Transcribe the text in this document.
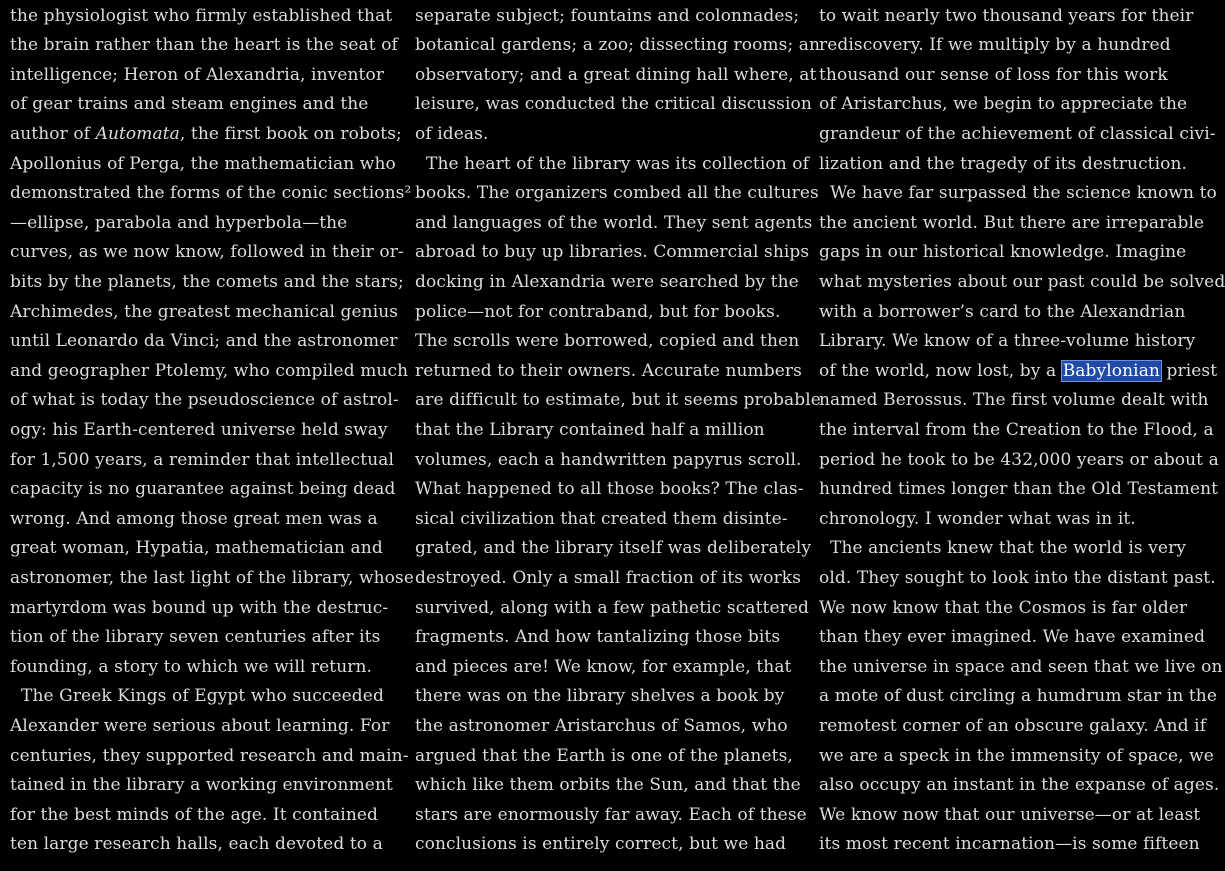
the physiologist who firmly established that
the brain rather than the heart is the seat of
intelligence; Heron of Alexandria, inventor
of gear trains and steam engines and the
author of Automata, the first book on robots;
Apollonius of Perga, the mathematician who
demonstrated the forms of the conic sections²
—ellipse, parabola and hyperbola—the
curves, as we now know, followed in their or-
bits by the planets, the comets and the stars;
Archimedes, the greatest mechanical genius
until Leonardo da Vinci; and the astronomer
and geographer Ptolemy, who compiled much
of what is today the pseudoscience of astrol-
ogy: his Earth-centered universe held sway
for 1,500 years, a reminder that intellectual
capacity is no guarantee against being dead
wrong. And among those great men was a
great woman, Hypatia, mathematician and
astronomer, the last light of the library, whose
martyrdom was bound up with the destruc-
tion of the library seven centuries after its
founding, a story to which we will return.
The Greek Kings of Egypt who succeeded
Alexander were serious about learning. For
centuries, they supported research and main-
tained in the library a working environment
for the best minds of the age. It contained
ten large research halls, each devoted to a
separate subject; fountains and colonnades;
botanical gardens; a zoo; dissecting rooms; an
observatory; and a great dining hall where, at
leisure, was conducted the critical discussion
of ideas.
The heart of the library was its collection of
books. The organizers combed all the cultures
and languages of the world. They sent agents
abroad to buy up libraries. Commercial ships
docking in Alexandria were searched by the
police—not for contraband, but for books.
The scrolls were borrowed, copied and then
returned to their owners. Accurate numbers
are difficult to estimate, but it seems probable
that the Library contained half a million
volumes, each a handwritten papyrus scroll.
What happened to all those books? The clas-
sical civilization that created them disinte-
grated, and the library itself was deliberately
destroyed. Only a small fraction of its works
survived, along with a few pathetic scattered
fragments. And how tantalizing those bits
and pieces are! We know, for example, that
there was on the library shelves a book by
the astronomer Aristarchus of Samos, who
argued that the Earth is one of the planets,
which like them orbits the Sun, and that the
stars are enormously far away. Each of these
conclusions is entirely correct, but we had
to wait nearly two thousand years for their
rediscovery. If we multiply by a hundred
thousand our sense of loss for this work
of Aristarchus, we begin to appreciate the
grandeur of the achievement of classical civi-
lization and the tragedy of its destruction.
We have far surpassed the science known to
the ancient world. But there are irreparable
gaps in our historical knowledge. Imagine
what mysteries about our past could be solved
with a borrower’s card to the Alexandrian
Library. We know of a three-volume history
of the world, now lost, by a Babylonian priest
named Berossus. The first volume dealt with
the interval from the Creation to the Flood, a
period he took to be 432,000 years or about a
hundred times longer than the Old Testament
chronology. I wonder what was in it.
The ancients knew that the world is very
old. They sought to look into the distant past.
We now know that the Cosmos is far older
than they ever imagined. We have examined
the universe in space and seen that we live on
a mote of dust circling a humdrum star in the
remotest corner of an obscure galaxy. And if
we are a speck in the immensity of space, we
also occupy an instant in the expanse of ages.
We know now that our universe—or at least
its most recent incarnation—is some fifteen
